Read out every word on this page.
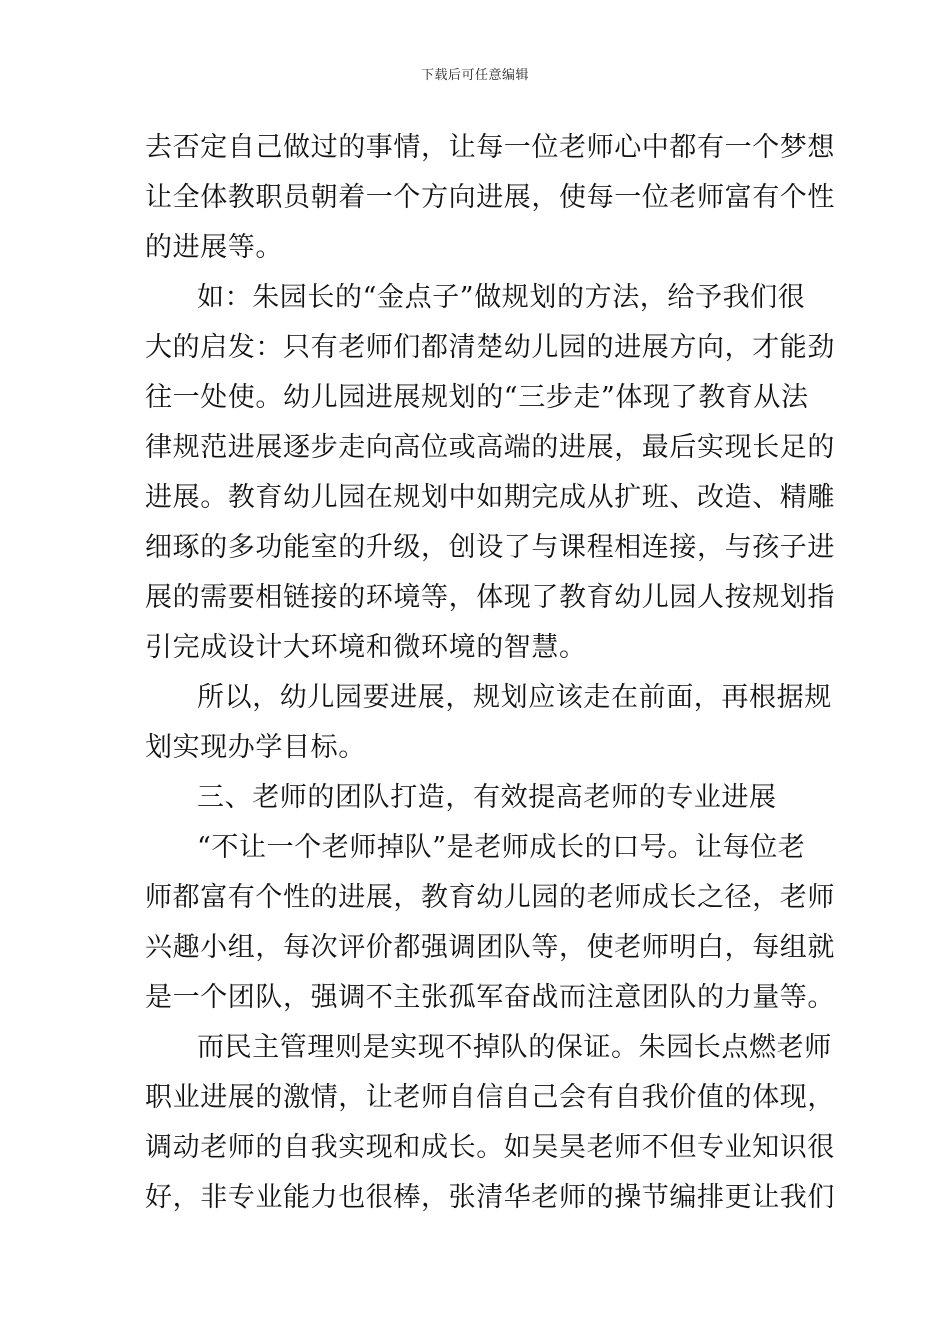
下载后可任意编辑
去否定自己做过的事情，让每一位老师心中都有一个梦想
让全体教职员朝着一个方向进展，使每一位老师富有个性
的进展等。
如：朱园长的“金点子”做规划的方法，给予我们很
大的启发：只有老师们都清楚幼儿园的进展方向，才能劲
往一处使。幼儿园进展规划的“三步走”体现了教育从法
律规范进展逐步走向高位或高端的进展，最后实现长足的
进展。教育幼儿园在规划中如期完成从扩班、改造、精雕
细琢的多功能室的升级，创设了与课程相连接，与孩子进
展的需要相链接的环境等，体现了教育幼儿园人按规划指
引完成设计大环境和微环境的智慧。
所以，幼儿园要进展，规划应该走在前面，再根据规
划实现办学目标。
三、老师的团队打造，有效提高老师的专业进展
“不让一个老师掉队”是老师成长的口号。让每位老
师都富有个性的进展，教育幼儿园的老师成长之径，老师
兴趣小组，每次评价都强调团队等，使老师明白，每组就
是一个团队，强调不主张孤军奋战而注意团队的力量等。
而民主管理则是实现不掉队的保证。朱园长点燃老师
职业进展的激情，让老师自信自己会有自我价值的体现，
调动老师的自我实现和成长。如吴昊老师不但专业知识很
好，非专业能力也很棒，张清华老师的操节编排更让我们
